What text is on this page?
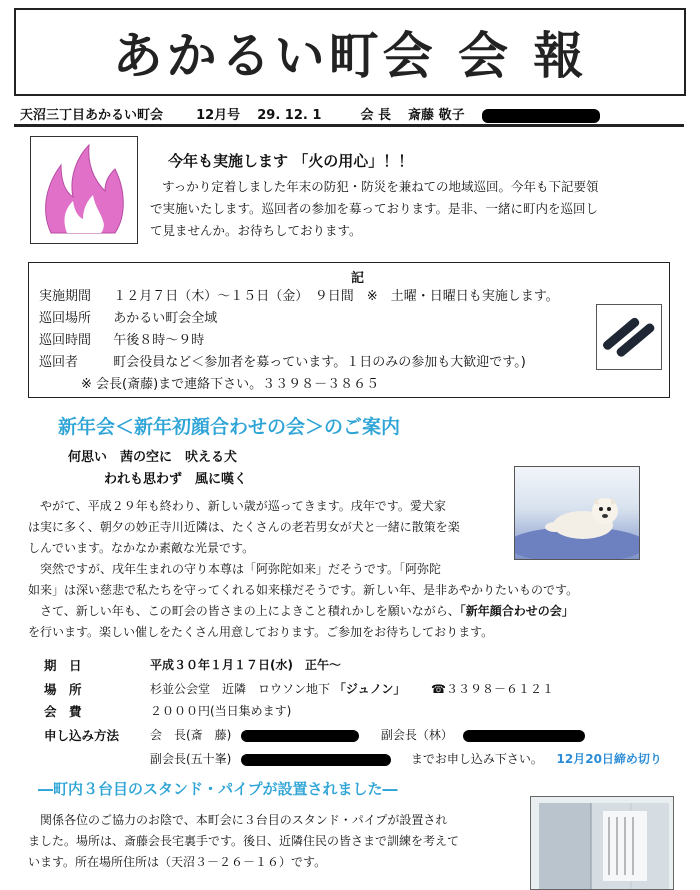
あかるい町会 会 報
天沼三丁目あかるい町会	12月号 29. 12. 1	会 長 斎藤 敬子
今年も実施します 「火の用心」！！
すっかり定着しました年末の防犯・防災を兼ねての地域巡回。今年も下記要領
で実施いたします。巡回者の参加を募っております。是非、一緒に町内を巡回し
て見ませんか。お待ちしております。
記
実施期間 １２月７日（木）～１５日（金）　９日間　※　土曜・日曜日も実施します。
巡回場所 あかるい町会全域
巡回時間 午後８時～９時
巡回者	町会役員など＜参加者を募っています。１日のみの参加も大歓迎です。)
※ 会長(斎藤)まで連絡下さい。３３９８－３８６５
新年会＜新年初顔合わせの会＞のご案内
何思い　茜の空に　吠える犬
われも思わず　風に嘆く
　やがて、平成２９年も終わり、新しい歳が巡ってきます。戌年です。愛犬家
は実に多く、朝夕の妙正寺川近隣は、たくさんの老若男女が犬と一緒に散策を楽
しんでいます。なかなか素敵な光景です。
　突然ですが、戌年生まれの守り本尊は「阿弥陀如来」だそうです。「阿弥陀
如来」は深い慈悲で私たちを守ってくれる如来様だそうです。新しい年、是非あやかりたいものです。
　さて、新しい年も、この町会の皆さまの上によきこと積れかしを願いながら、「新年顔合わせの会」
を行います。楽しい催しをたくさん用意しております。ご参加をお待ちしております。
期　日	平成３０年１月１７日(水)　正午～
場　所	杉並公会堂　近隣　ロウソン地下 「ジュノン」 ☎３３９８－６１２１
会　費	２０００円(当日集めます)
申し込み方法	会　長(斎　藤)	副会長（林）
副会長(五十峯)	までお申し込み下さい。 12月20日締め切り
―町内３台目のスタンド・パイプが設置されました―
　関係各位のご協力のお陰で、本町会に３台目のスタンド・パイプが設置され
ました。場所は、斎藤会長宅裏手です。後日、近隣住民の皆さまで訓練を考えて
います。所在場所住所は（天沼３－２６－１６）です。
